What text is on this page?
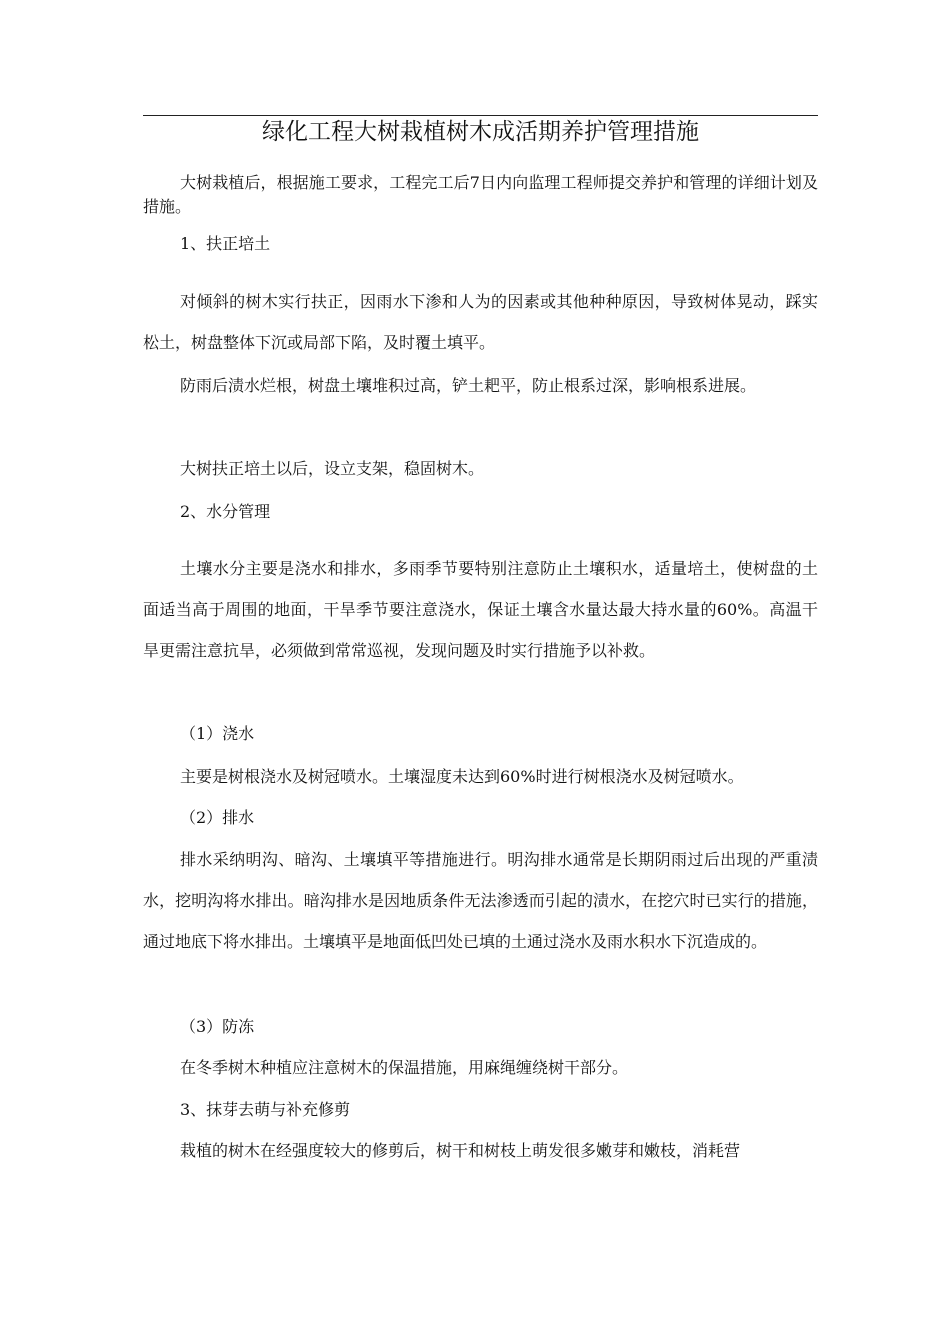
绿化工程大树栽植树木成活期养护管理措施

大树栽植后，根据施工要求，工程完工后7日内向监理工程师提交养护和管理的详细计划及措施。

1、扶正培土

对倾斜的树木实行扶正，因雨水下渗和人为的因素或其他种种原因，导致树体晃动，踩实松土，树盘整体下沉或局部下陷，及时覆土填平。

防雨后渍水烂根，树盘土壤堆积过高，铲土耙平，防止根系过深，影响根系进展。

大树扶正培土以后，设立支架，稳固树木。

2、水分管理

土壤水分主要是浇水和排水，多雨季节要特别注意防止土壤积水，适量培土，使树盘的土面适当高于周围的地面，干旱季节要注意浇水，保证土壤含水量达最大持水量的60%。高温干旱更需注意抗旱，必须做到常常巡视，发现问题及时实行措施予以补救。

（1）浇水

主要是树根浇水及树冠喷水。土壤湿度未达到60%时进行树根浇水及树冠喷水。

（2）排水

排水采纳明沟、暗沟、土壤填平等措施进行。明沟排水通常是长期阴雨过后出现的严重渍水，挖明沟将水排出。暗沟排水是因地质条件无法渗透而引起的渍水，在挖穴时已实行的措施，通过地底下将水排出。土壤填平是地面低凹处已填的土通过浇水及雨水积水下沉造成的。

（3）防冻

在冬季树木种植应注意树木的保温措施，用麻绳缠绕树干部分。

3、抹芽去萌与补充修剪

栽植的树木在经强度较大的修剪后，树干和树枝上萌发很多嫩芽和嫩枝，消耗营
